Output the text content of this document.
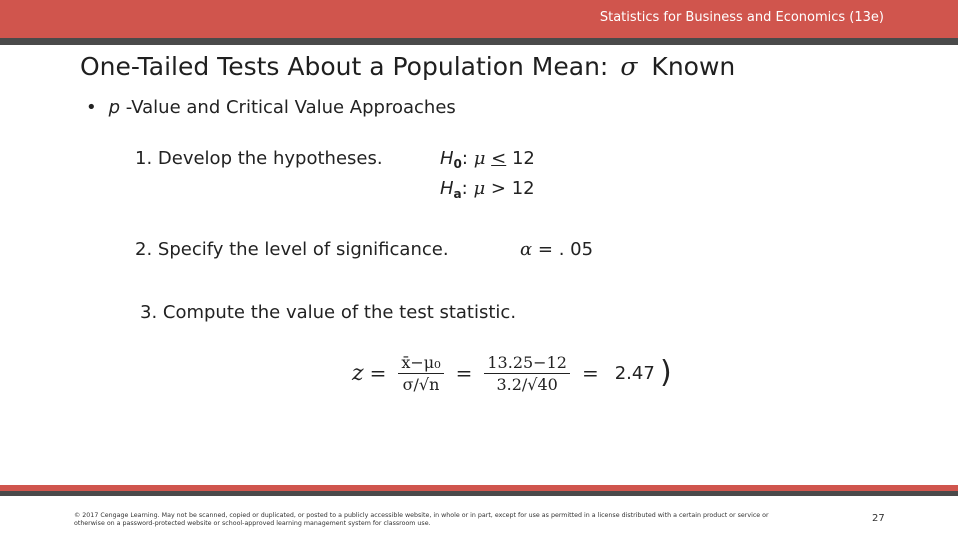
Statistics for Business and Economics (13e)
One-Tailed Tests About a Population Mean: σ Known
• p -Value and Critical Value Approaches
1. Develop the hypotheses.	$H_0$: μ < 12
$H_a$: μ > 12
2. Specify the level of significance.	α = . 05
3. Compute the value of the test statistic.
$z = \frac{\text{x̄−μ₀}}{\sigma/√n} = \frac{13.25-12}{3.2/√40} = 2.47$ )
© 2017 Cengage Learning. May not be scanned, copied or duplicated, or posted to a publicly accessible website, in whole or in part, except for use as permitted in a license distributed with a certain product or service or otherwise on a password-protected website or school-approved learning management system for classroom use.	27
